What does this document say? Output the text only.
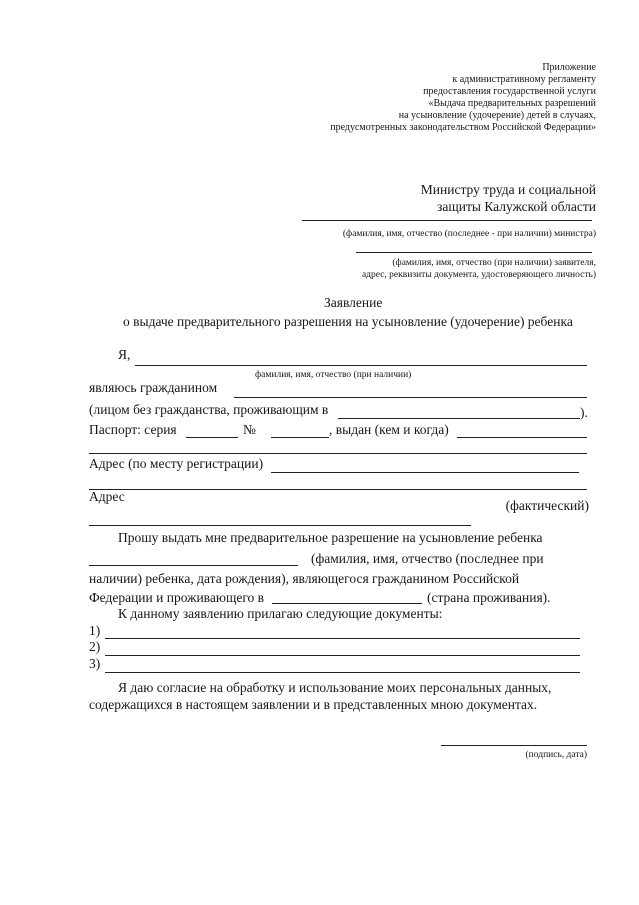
Приложение
к административному регламенту
предоставления государственной услуги
«Выдача предварительных разрешений
на усыновление (удочерение) детей в случаях,
предусмотренных законодательством Российской Федерации»
Министру труда и социальной
защиты Калужской области
(фамилия, имя, отчество (последнее - при наличии) министра)
(фамилия, имя, отчество (при наличии) заявителя,
адрес, реквизиты документа, удостоверяющего личность)
Заявление
о выдаче предварительного разрешения на усыновление (удочерение) ребенка
Я,
фамилия, имя, отчество (при наличии)
являюсь гражданином
(лицом без гражданства, проживающим в	).
Паспорт: серия	№	, выдан (кем и когда)
Адрес (по месту регистрации)
Адрес
(фактический)
Прошу выдать мне предварительное разрешение на усыновление ребенка
(фамилия, имя, отчество (последнее при
наличии) ребенка, дата рождения), являющегося гражданином Российской
Федерации и проживающего в	(страна проживания).
К данному заявлению прилагаю следующие документы:
1)
2)
3)
Я даю согласие на обработку и использование моих персональных данных,
содержащихся в настоящем заявлении и в представленных мною документах.
(подпись, дата)
